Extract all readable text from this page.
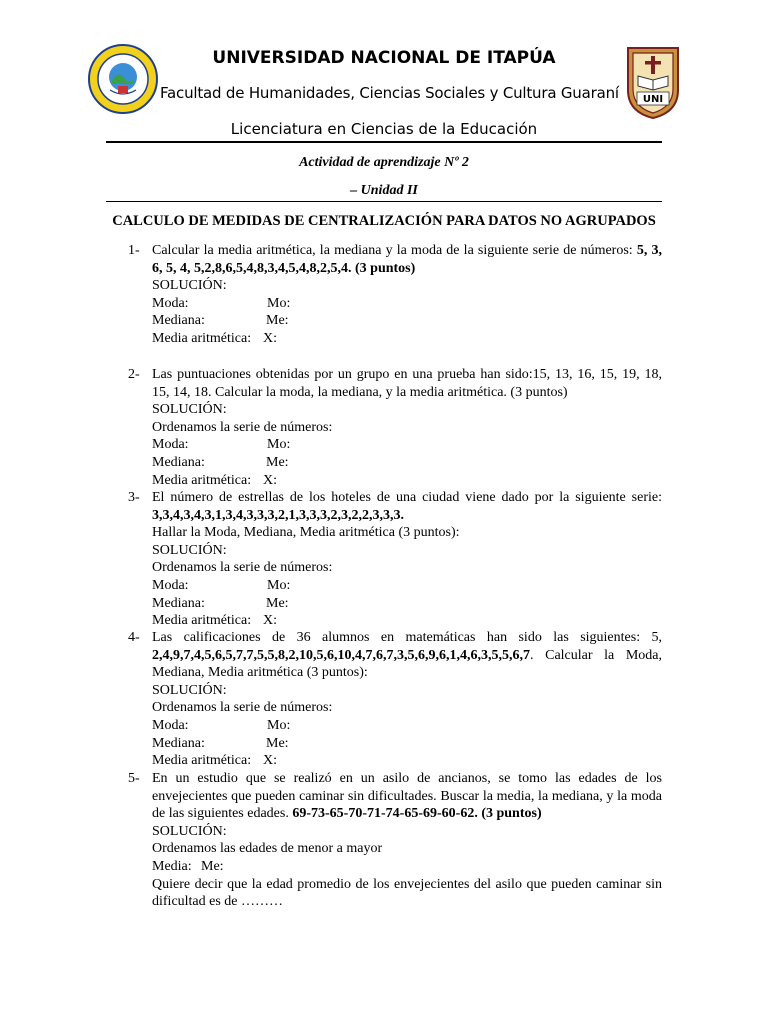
UNI
UNIVERSIDAD NACIONAL DE ITAPÚA
Facultad de Humanidades, Ciencias Sociales y Cultura Guaraní
Licenciatura en Ciencias de la Educación
Actividad de aprendizaje Nº 2
– Unidad II
CALCULO DE MEDIDAS DE CENTRALIZACIÓN PARA DATOS NO AGRUPADOS
1- Calcular la media aritmética, la mediana y la moda de la siguiente serie de números: 5, 3, 6, 5, 4, 5,2,8,6,5,4,8,3,4,5,4,8,2,5,4. (3 puntos)
SOLUCIÓN:
Moda:	Mo:
Mediana:	Me:
Media aritmética: X:
2- Las puntuaciones obtenidas por un grupo en una prueba han sido:15, 13, 16, 15, 19, 18, 15, 14, 18. Calcular la moda, la mediana, y la media aritmética. (3 puntos)
SOLUCIÓN:
Ordenamos la serie de números:
Moda:	Mo:
Mediana:	Me:
Media aritmética: X:
3- El número de estrellas de los hoteles de una ciudad viene dado por la siguiente serie: 3,3,4,3,4,3,1,3,4,3,3,3,2,1,3,3,3,2,3,2,2,3,3,3.
Hallar la Moda, Mediana, Media aritmética (3 puntos):
SOLUCIÓN:
Ordenamos la serie de números:
Moda:	Mo:
Mediana:	Me:
Media aritmética: X:
4- Las calificaciones de 36 alumnos en matemáticas han sido las siguientes: 5, 2,4,9,7,4,5,6,5,7,7,5,5,8,2,10,5,6,10,4,7,6,7,3,5,6,9,6,1,4,6,3,5,5,6,7. Calcular la Moda, Mediana, Media aritmética (3 puntos):
SOLUCIÓN:
Ordenamos la serie de números:
Moda:	Mo:
Mediana:	Me:
Media aritmética: X:
5- En un estudio que se realizó en un asilo de ancianos, se tomo las edades de los envejecientes que pueden caminar sin dificultades. Buscar la media, la mediana, y la moda de las siguientes edades. 69-73-65-70-71-74-65-69-60-62. (3 puntos)
SOLUCIÓN:
Ordenamos las edades de menor a mayor
Media: Me:
Quiere decir que la edad promedio de los envejecientes del asilo que pueden caminar sin dificultad es de ………
